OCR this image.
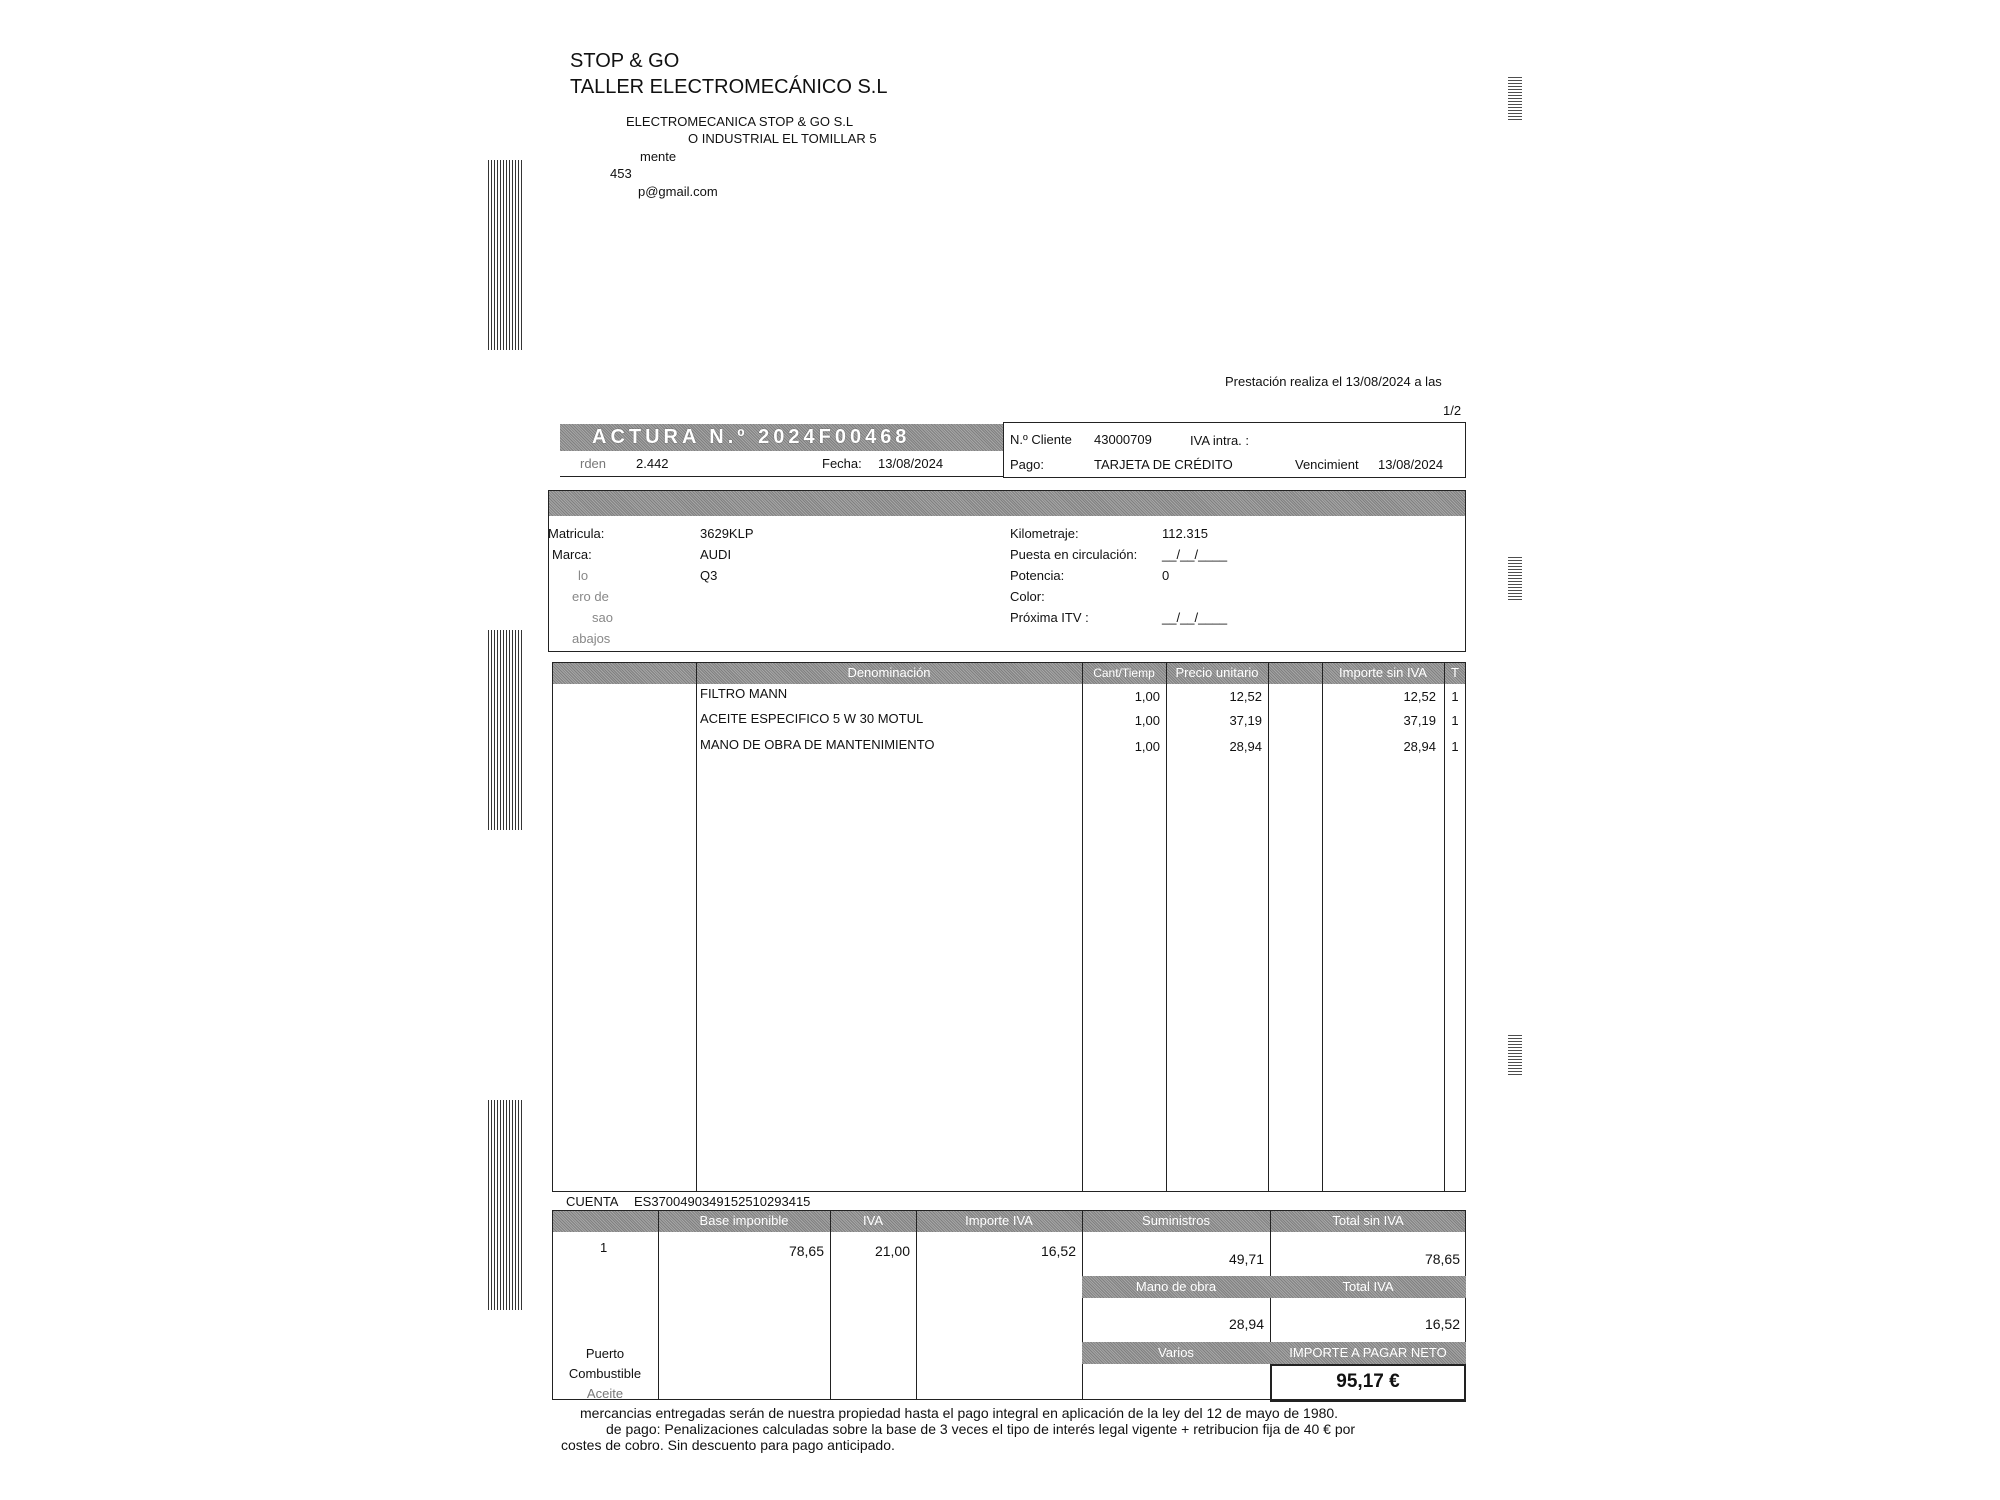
STOP & GO
TALLER ELECTROMECÁNICO S.L
ELECTROMECANICA STOP & GO S.L
O INDUSTRIAL EL TOMILLAR 5
mente
453
p@gmail.com
Prestación realiza el 13/08/2024 a las
1/2
ACTURA N.º 2024F00468
rden 2.442	Fecha: 13/08/2024
N.º Cliente 43000709	IVA intra. :
Pago:	TARJETA DE CRÉDITO	Vencimient 13/08/2024
Matricula:	3629KLP
Marca:	AUDI
lo	Q3
ero de
sao
abajos
Kilometraje:	112.315
Puesta en circulación: __/__/____
Potencia:	0
Color:
Próxima ITV :	__/__/____
Denominación	Cant/Tiemp	Precio unitario	Importe sin IVA	T
FILTRO MANN	1,00	12,52	12,52	1
ACEITE ESPECIFICO 5 W 30 MOTUL	1,00	37,19	37,19	1
MANO DE OBRA DE MANTENIMIENTO	1,00	28,94	28,94	1
CUENTA ES3700490349152510293415
Base imponible	IVA	Importe IVA	Suministros	Total sin IVA
1	78,65	21,00	16,52	49,71	78,65
Mano de obra	Total IVA
28,94	16,52
Varios	IMPORTE A PAGAR NETO
95,17 €
Puerto
Combustible
Aceite
mercancias entregadas serán de nuestra propiedad hasta el pago integral en aplicación de la ley del 12 de mayo de 1980.
de pago: Penalizaciones calculadas sobre la base de 3 veces el tipo de interés legal vigente + retribucion fija de 40 € por
costes de cobro. Sin descuento para pago anticipado.
